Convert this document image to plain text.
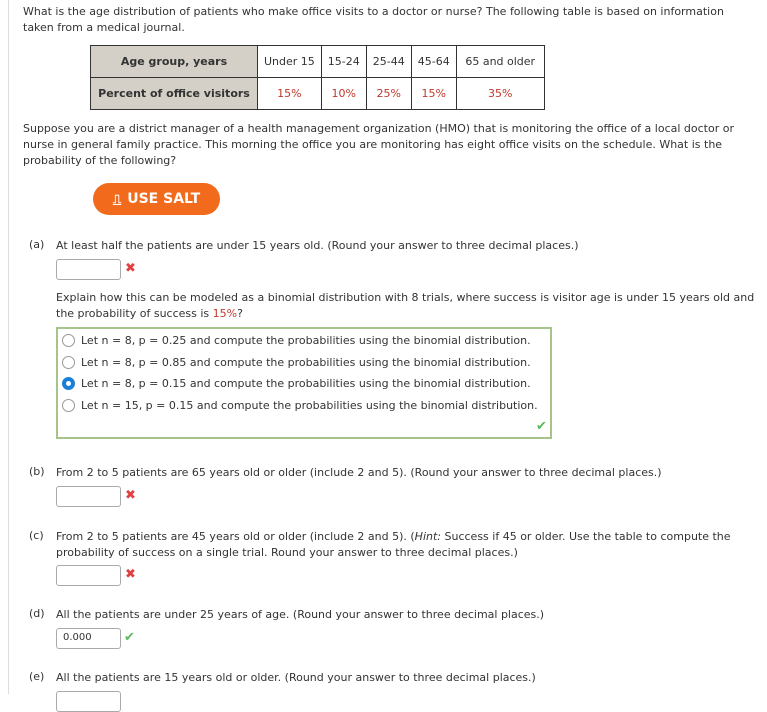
What is the age distribution of patients who make office visits to a doctor or nurse? The following table is based on information taken from a medical journal.

Age group, years	Under 15	15-24	25-44	45-64	65 and older
Percent of office visitors	15%	10%	25%	15%	35%

Suppose you are a district manager of a health management organization (HMO) that is monitoring the office of a local doctor or nurse in general family practice. This morning the office you are monitoring has eight office visits on the schedule. What is the probability of the following?

⎍ USE SALT
(a) At least half the patients are under 15 years old. (Round your answer to three decimal places.)

✖

Explain how this can be modeled as a binomial distribution with 8 trials, where success is visitor age is under 15 years old and the probability of success is 15%?

Let n = 8, p = 0.25 and compute the probabilities using the binomial distribution.
Let n = 8, p = 0.85 and compute the probabilities using the binomial distribution.
Let n = 8, p = 0.15 and compute the probabilities using the binomial distribution.
Let n = 15, p = 0.15 and compute the probabilities using the binomial distribution.
✔
(b) From 2 to 5 patients are 65 years old or older (include 2 and 5). (Round your answer to three decimal places.)

✖
(c) From 2 to 5 patients are 45 years old or older (include 2 and 5). (Hint: Success if 45 or older. Use the table to compute the probability of success on a single trial. Round your answer to three decimal places.)

✖
(d) All the patients are under 25 years of age. (Round your answer to three decimal places.)

0.000	✔
(e) All the patients are 15 years old or older. (Round your answer to three decimal places.)
